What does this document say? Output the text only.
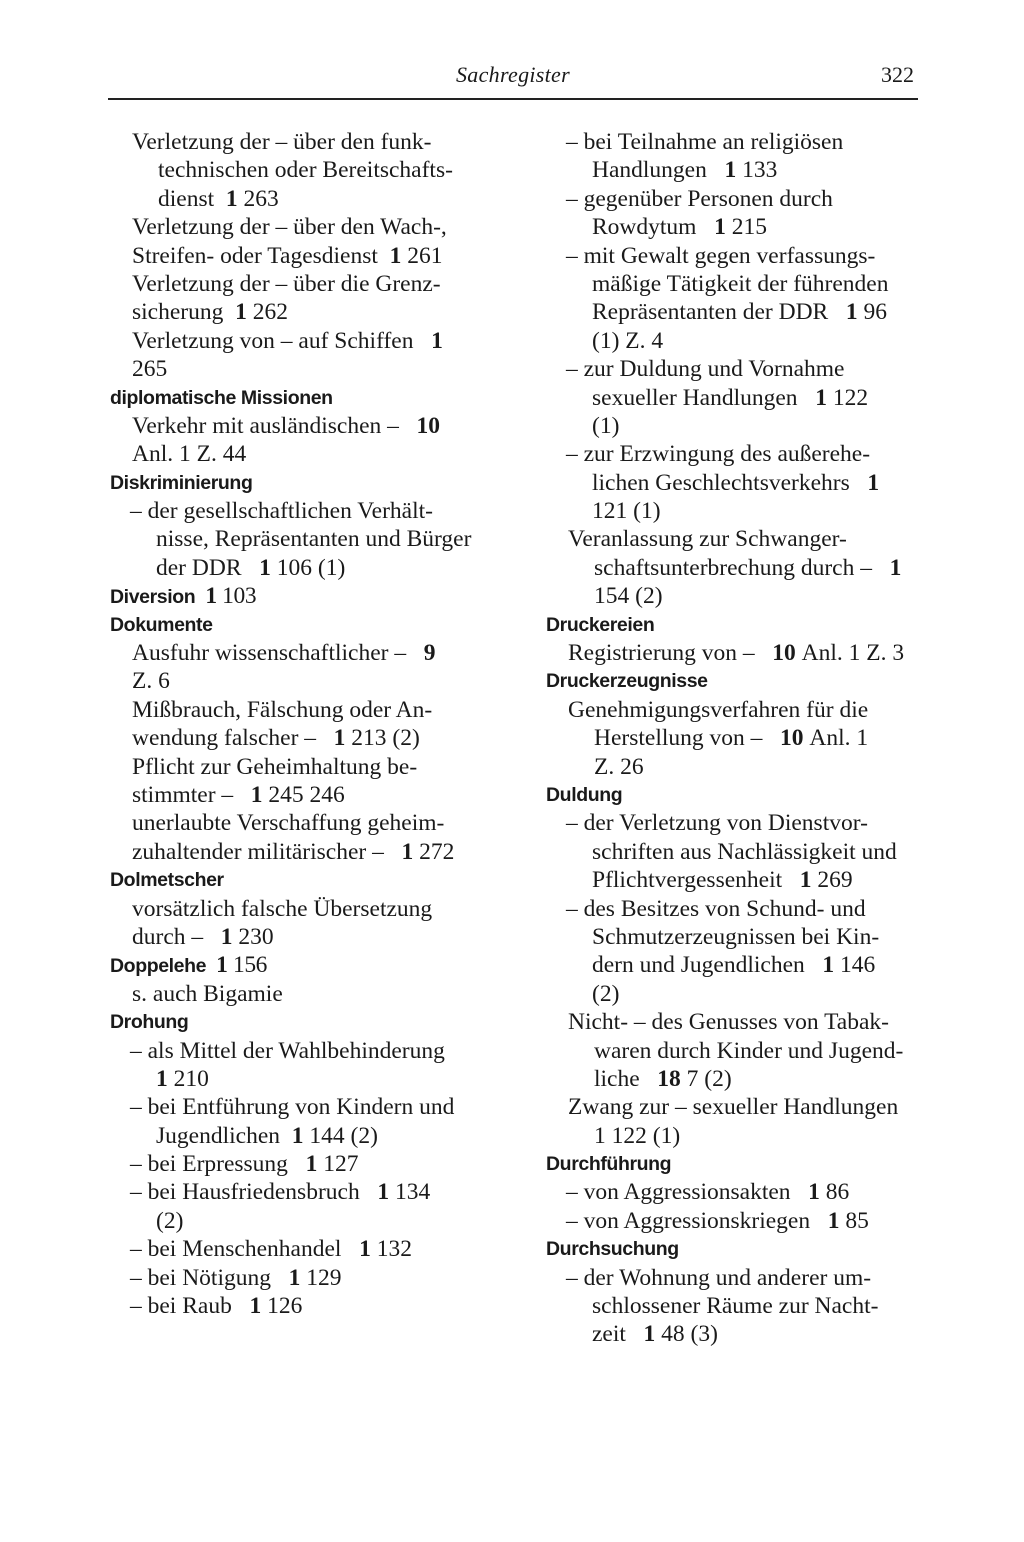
Sachregister	322
Verletzung der – über den funk-
technischen oder Bereitschafts-
dienst 1 263
Verletzung der – über den Wach-,
Streifen- oder Tagesdienst 1 261
Verletzung der – über die Grenz-
sicherung 1 262
Verletzung von – auf Schiffen 1
265
diplomatische Missionen
Verkehr mit ausländischen – 10
Anl. 1 Z. 44
Diskriminierung
– der gesellschaftlichen Verhält-
nisse, Repräsentanten und Bürger
der DDR 1 106 (1)
Diversion 1 103
Dokumente
Ausfuhr wissenschaftlicher – 9
Z. 6
Mißbrauch, Fälschung oder An-
wendung falscher – 1 213 (2)
Pflicht zur Geheimhaltung be-
stimmter – 1 245 246
unerlaubte Verschaffung geheim-
zuhaltender militärischer – 1 272
Dolmetscher
vorsätzlich falsche Übersetzung
durch – 1 230
Doppelehe 1 156
s. auch Bigamie
Drohung
– als Mittel der Wahlbehinderung
1 210
– bei Entführung von Kindern und
Jugendlichen 1 144 (2)
– bei Erpressung 1 127
– bei Hausfriedensbruch 1 134
(2)
– bei Menschenhandel 1 132
– bei Nötigung 1 129
– bei Raub 1 126
– bei Teilnahme an religiösen
Handlungen 1 133
– gegenüber Personen durch
Rowdytum 1 215
– mit Gewalt gegen verfassungs-
mäßige Tätigkeit der führenden
Repräsentanten der DDR 1 96
(1) Z. 4
– zur Duldung und Vornahme
sexueller Handlungen 1 122
(1)
– zur Erzwingung des außerehe-
lichen Geschlechtsverkehrs 1
121 (1)
Veranlassung zur Schwanger-
schaftsunterbrechung durch – 1
154 (2)
Druckereien
Registrierung von – 10 Anl. 1 Z. 3
Druckerzeugnisse
Genehmigungsverfahren für die
Herstellung von – 10 Anl. 1
Z. 26
Duldung
– der Verletzung von Dienstvor-
schriften aus Nachlässigkeit und
Pflichtvergessenheit 1 269
– des Besitzes von Schund- und
Schmutzerzeugnissen bei Kin-
dern und Jugendlichen 1 146
(2)
Nicht- – des Genusses von Tabak-
waren durch Kinder und Jugend-
liche 18 7 (2)
Zwang zur – sexueller Handlungen
1 122 (1)
Durchführung
– von Aggressionsakten 1 86
– von Aggressionskriegen 1 85
Durchsuchung
– der Wohnung und anderer um-
schlossener Räume zur Nacht-
zeit 1 48 (3)
